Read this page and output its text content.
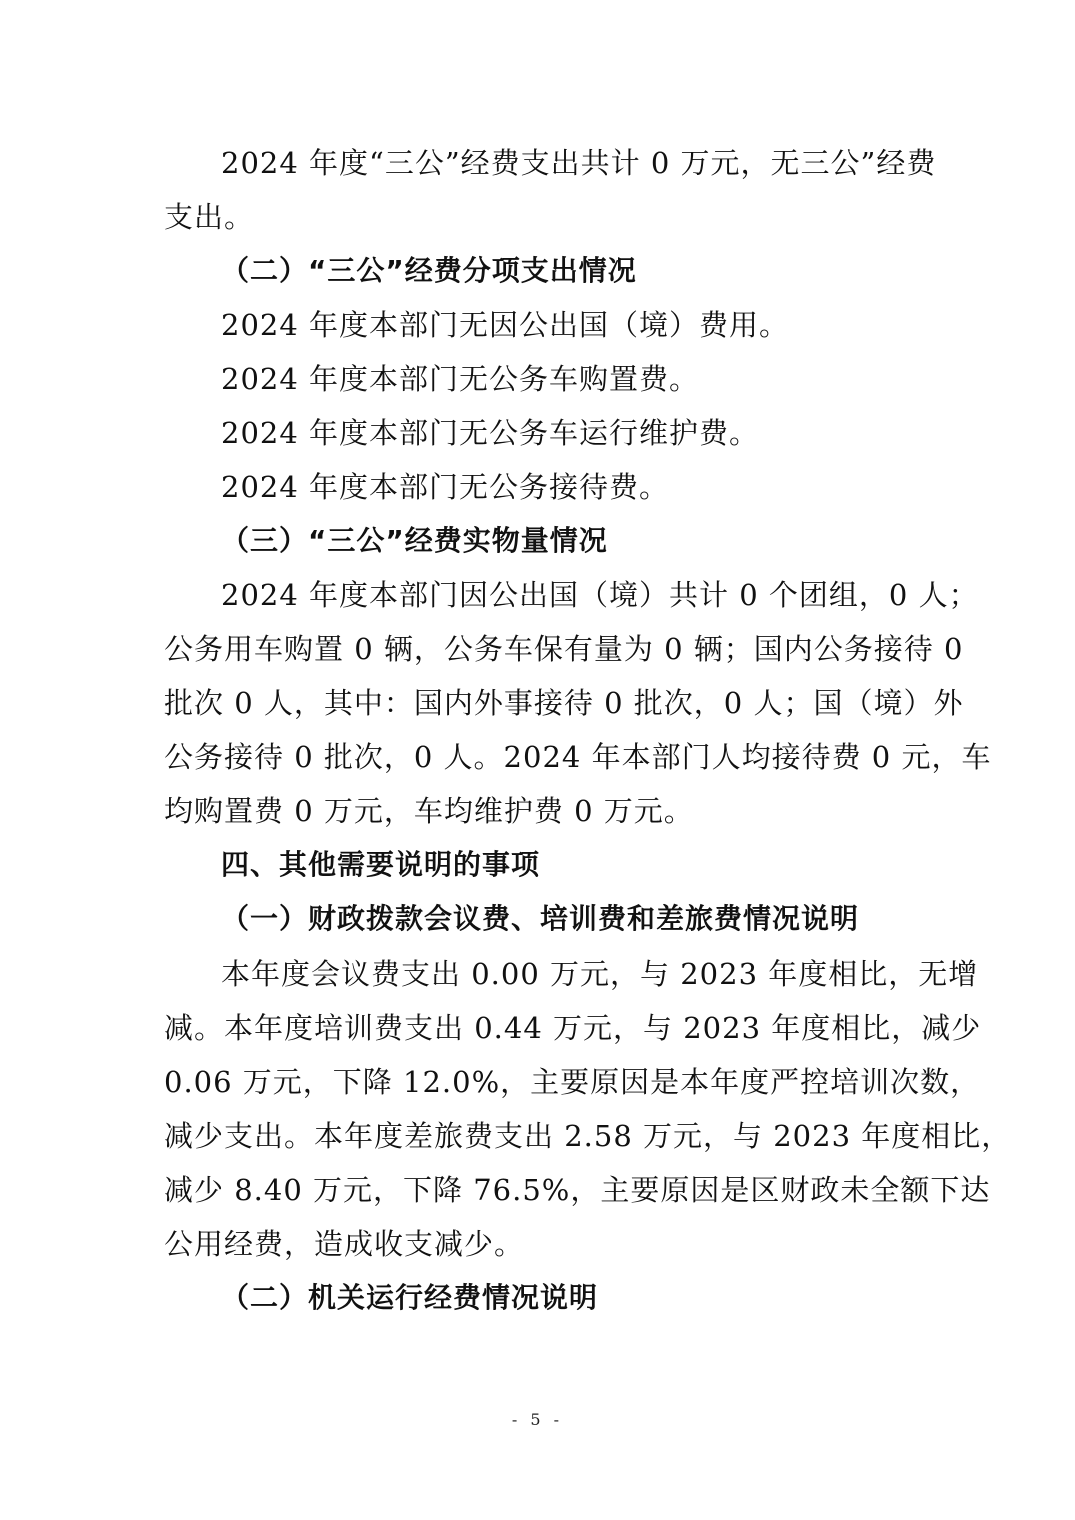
2024 年度“三公”经费支出共计 0 万元，无三公”经费
支出。
（二）“三公”经费分项支出情况
2024 年度本部门无因公出国（境）费用。
2024 年度本部门无公务车购置费。
2024 年度本部门无公务车运行维护费。
2024 年度本部门无公务接待费。
（三）“三公”经费实物量情况
2024 年度本部门因公出国（境）共计 0 个团组，0 人；
公务用车购置 0 辆，公务车保有量为 0 辆；国内公务接待 0
批次 0 人，其中：国内外事接待 0 批次，0 人；国（境）外
公务接待 0 批次，0 人。2024 年本部门人均接待费 0 元，车
均购置费 0 万元，车均维护费 0 万元。
四、其他需要说明的事项
（一）财政拨款会议费、培训费和差旅费情况说明
本年度会议费支出 0.00 万元，与 2023 年度相比，无增
减。本年度培训费支出 0.44 万元，与 2023 年度相比，减少
0.06 万元，下降 12.0%，主要原因是本年度严控培训次数，
减少支出。本年度差旅费支出 2.58 万元，与 2023 年度相比，
减少 8.40 万元，下降 76.5%，主要原因是区财政未全额下达
公用经费，造成收支减少。
（二）机关运行经费情况说明
- 5 -
